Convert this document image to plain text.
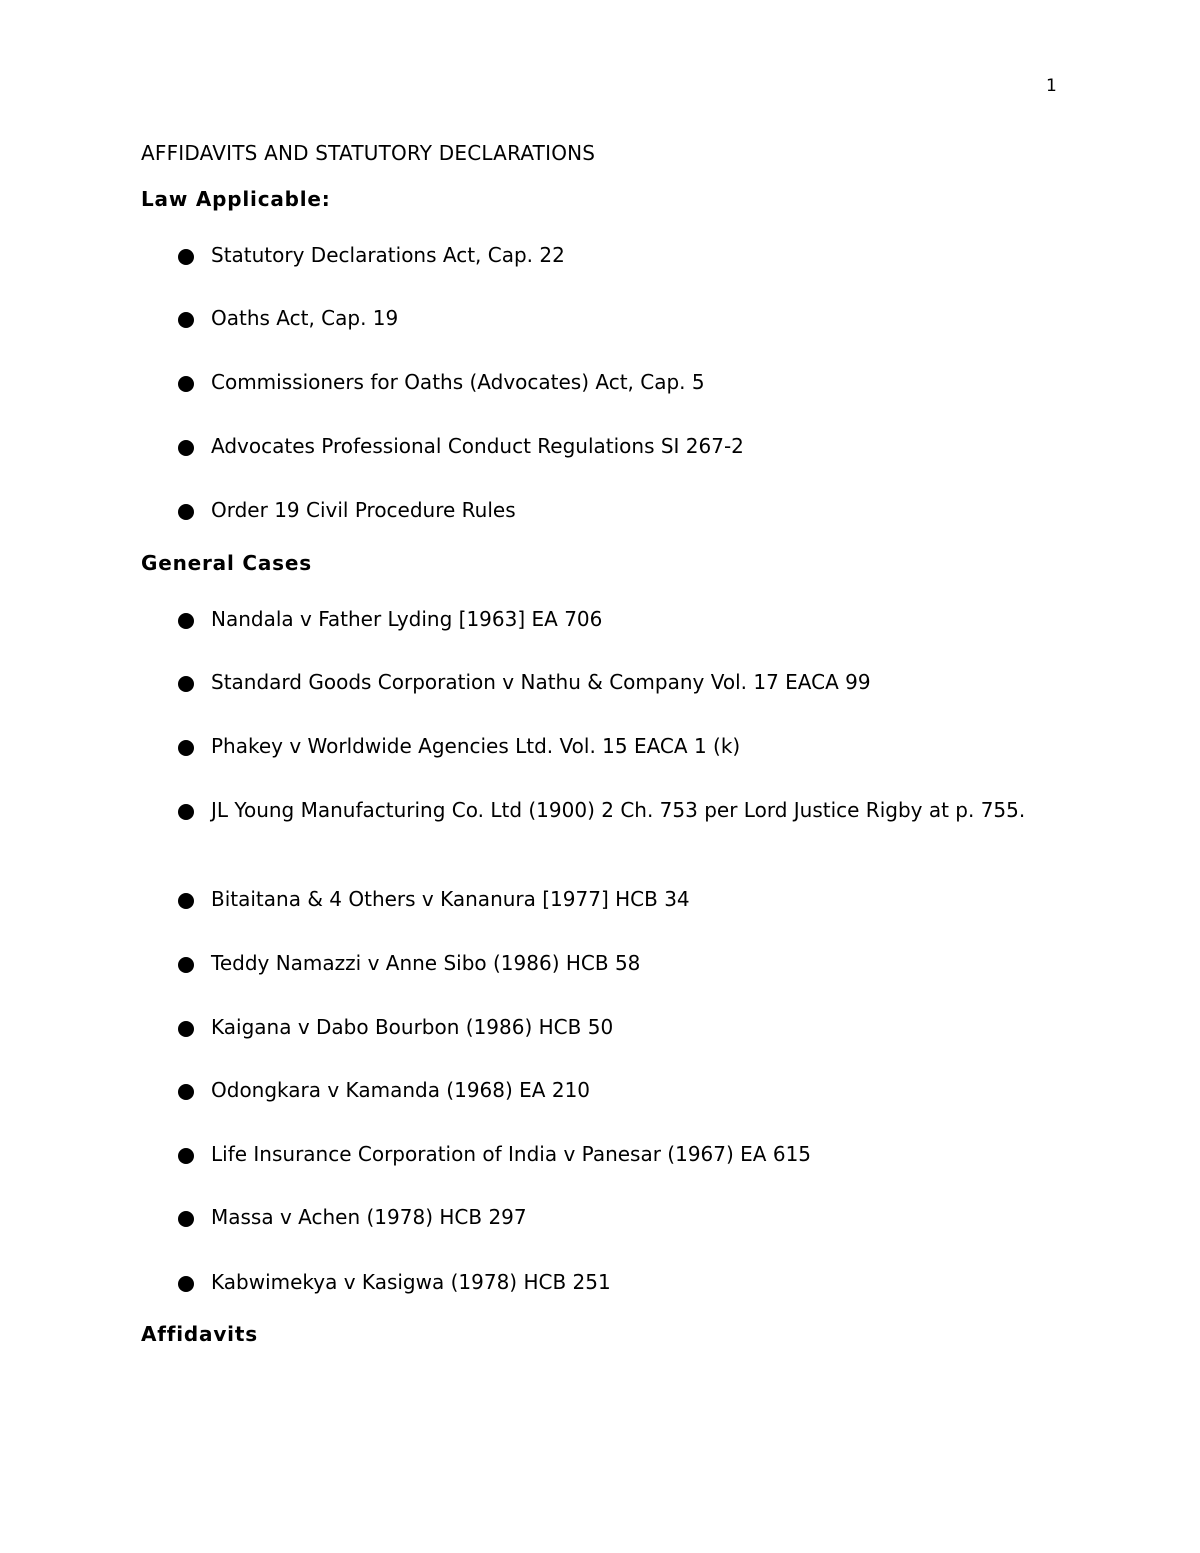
1
AFFIDAVITS AND STATUTORY DECLARATIONS
Law Applicable:
Statutory Declarations Act, Cap. 22
Oaths Act, Cap. 19
Commissioners for Oaths (Advocates) Act, Cap. 5
Advocates Professional Conduct Regulations SI 267-2
Order 19 Civil Procedure Rules
General Cases
Nandala v Father Lyding [1963] EA 706
Standard Goods Corporation v Nathu & Company Vol. 17 EACA 99
Phakey v Worldwide Agencies Ltd. Vol. 15 EACA 1 (k)
JL Young Manufacturing Co. Ltd (1900) 2 Ch. 753 per Lord Justice Rigby at p. 755.
Bitaitana & 4 Others v Kananura [1977] HCB 34
Teddy Namazzi v Anne Sibo (1986) HCB 58
Kaigana v Dabo Bourbon (1986) HCB 50
Odongkara v Kamanda (1968) EA 210
Life Insurance Corporation of India v Panesar (1967) EA 615
Massa v Achen (1978) HCB 297
Kabwimekya v Kasigwa (1978) HCB 251
Affidavits
